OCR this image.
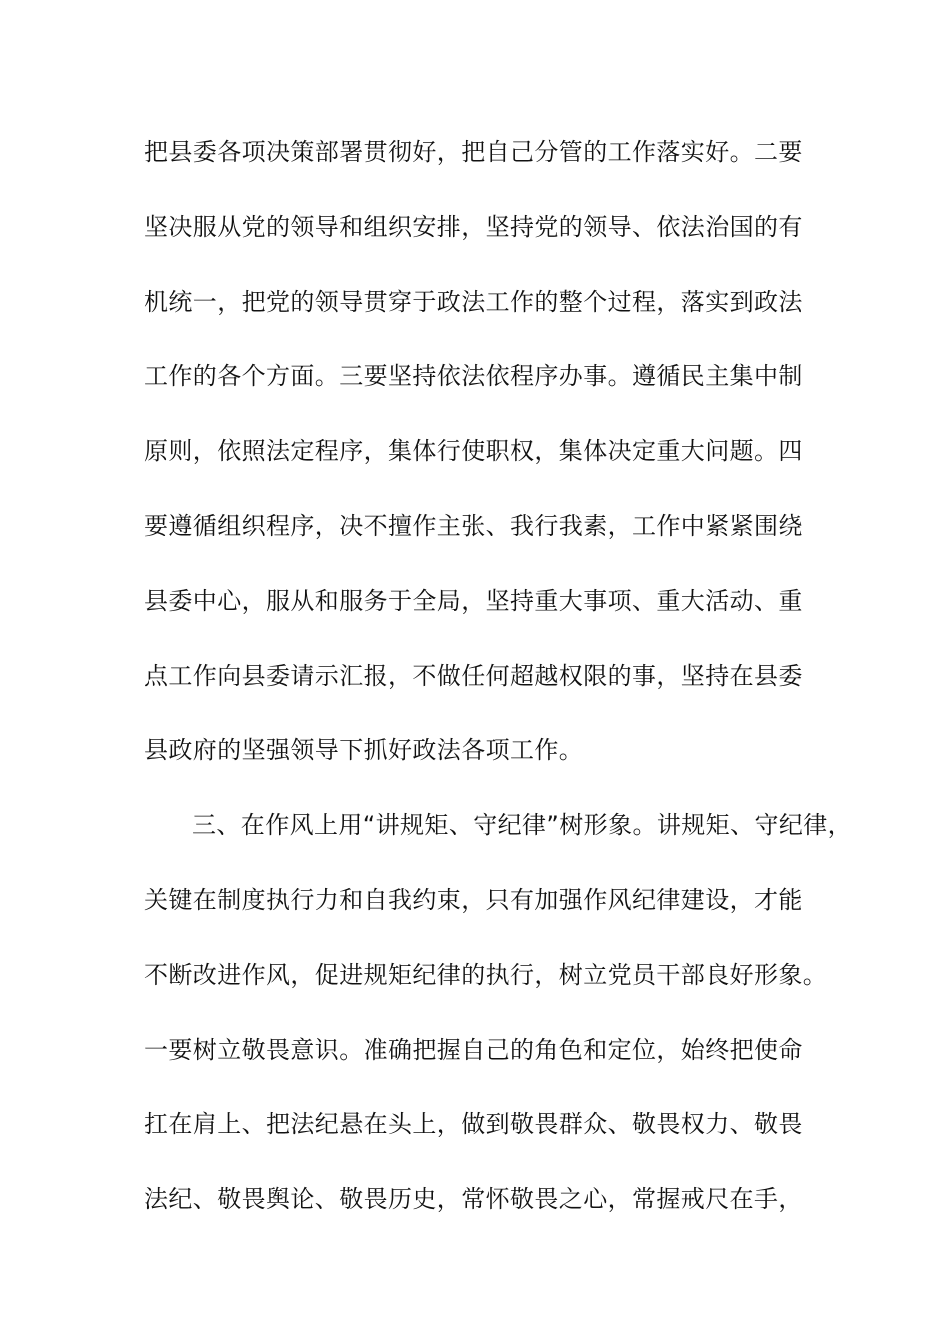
把县委各项决策部署贯彻好，把自己分管的工作落实好。二要
坚决服从党的领导和组织安排，坚持党的领导、依法治国的有
机统一，把党的领导贯穿于政法工作的整个过程，落实到政法
工作的各个方面。三要坚持依法依程序办事。遵循民主集中制
原则，依照法定程序，集体行使职权，集体决定重大问题。四
要遵循组织程序，决不擅作主张、我行我素，工作中紧紧围绕
县委中心，服从和服务于全局，坚持重大事项、重大活动、重
点工作向县委请示汇报，不做任何超越权限的事，坚持在县委
县政府的坚强领导下抓好政法各项工作。
三、在作风上用“讲规矩、守纪律”树形象。讲规矩、守纪律，
关键在制度执行力和自我约束，只有加强作风纪律建设，才能
不断改进作风，促进规矩纪律的执行，树立党员干部良好形象。
一要树立敬畏意识。准确把握自己的角色和定位，始终把使命
扛在肩上、把法纪悬在头上，做到敬畏群众、敬畏权力、敬畏
法纪、敬畏舆论、敬畏历史，常怀敬畏之心，常握戒尺在手，
